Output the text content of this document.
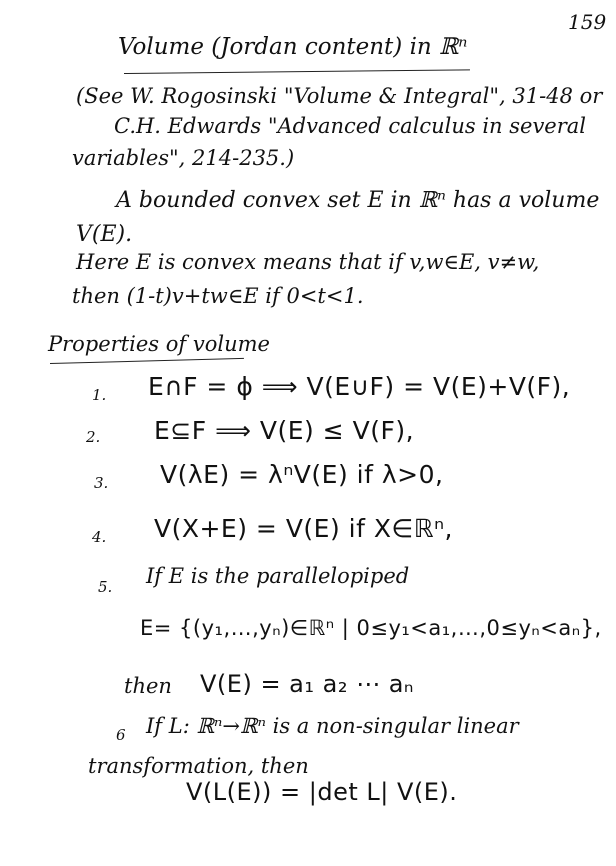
159
Volume (Jordan content) in ℝⁿ
(See W. Rogosinski "Volume & Integral", 31-48 or
C.H. Edwards "Advanced calculus in several
variables", 214-235.)
A bounded convex set E in ℝⁿ has a volume
V(E).
Here E is convex means that if v,w∈E, v≠w,
then (1-t)v+tw∈E if 0<t<1.
Properties of volume
1. E∩F = ϕ ⟹ V(E∪F) = V(E)+V(F),
2. E⊆F ⟹ V(E) ≤ V(F),
3. V(λE) = λⁿV(E) if λ>0,
4. V(X+E) = V(E) if X∈ℝⁿ,
5. If E is the parallelopiped
E= {(y₁,…,yₙ)∈ℝⁿ | 0≤y₁<a₁,…,0≤yₙ<aₙ},
then V(E) = a₁ a₂ ⋯ aₙ
6 If L: ℝⁿ→ℝⁿ is a non-singular linear
transformation, then
V(L(E)) = |det L| V(E).
